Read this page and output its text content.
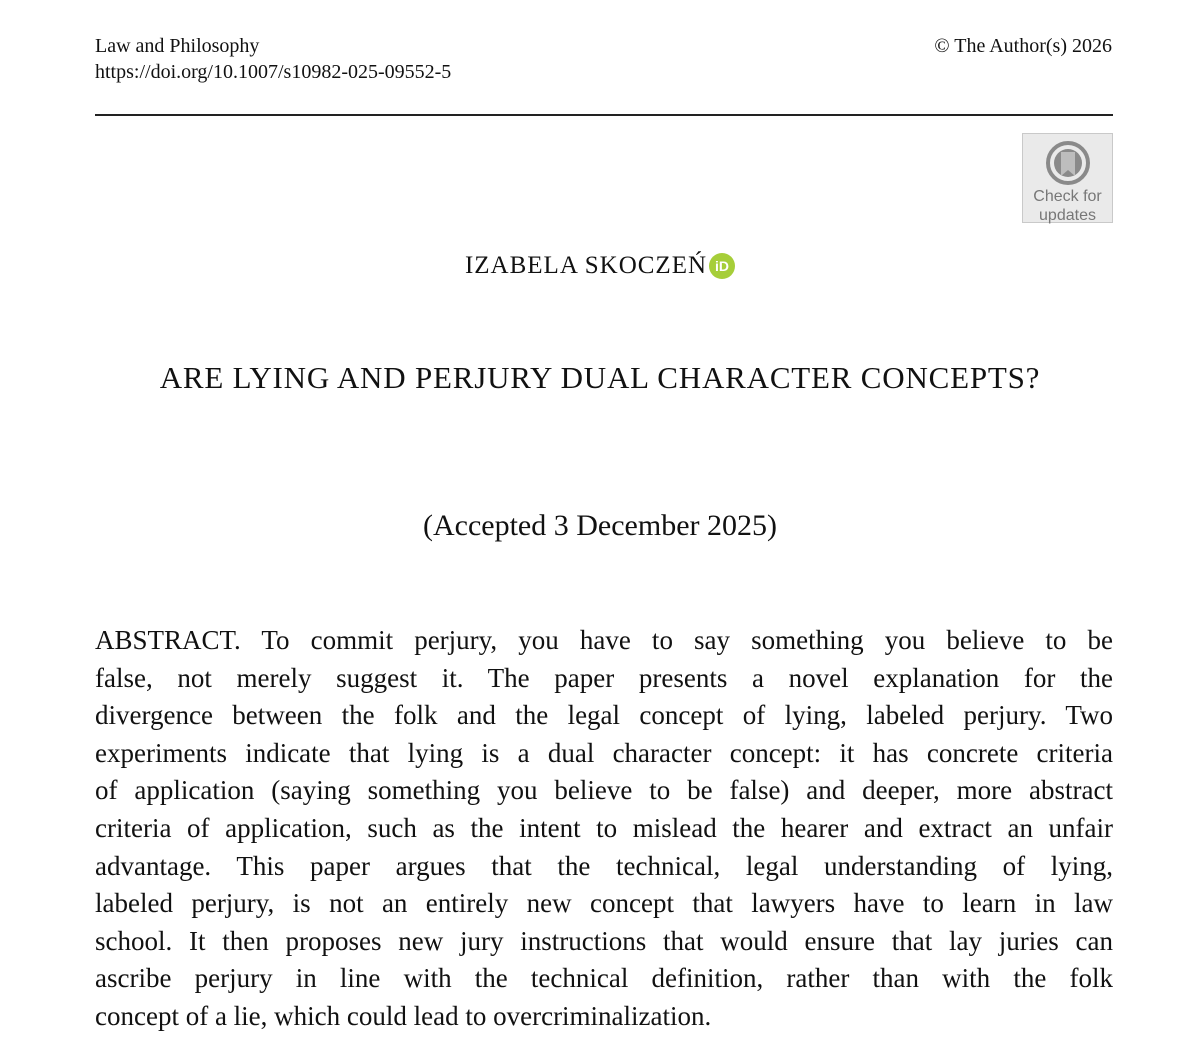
Law and Philosophy
https://doi.org/10.1007/s10982-025-09552-5
© The Author(s) 2026
Check for
updates
IZABELA SKOCZEŃ iD
ARE LYING AND PERJURY DUAL CHARACTER CONCEPTS?
(Accepted 3 December 2025)
ABSTRACT. To commit perjury, you have to say something you believe to be
false, not merely suggest it. The paper presents a novel explanation for the
divergence between the folk and the legal concept of lying, labeled perjury. Two
experiments indicate that lying is a dual character concept: it has concrete criteria
of application (saying something you believe to be false) and deeper, more abstract
criteria of application, such as the intent to mislead the hearer and extract an unfair
advantage. This paper argues that the technical, legal understanding of lying,
labeled perjury, is not an entirely new concept that lawyers have to learn in law
school. It then proposes new jury instructions that would ensure that lay juries can
ascribe perjury in line with the technical definition, rather than with the folk
concept of a lie, which could lead to overcriminalization.
